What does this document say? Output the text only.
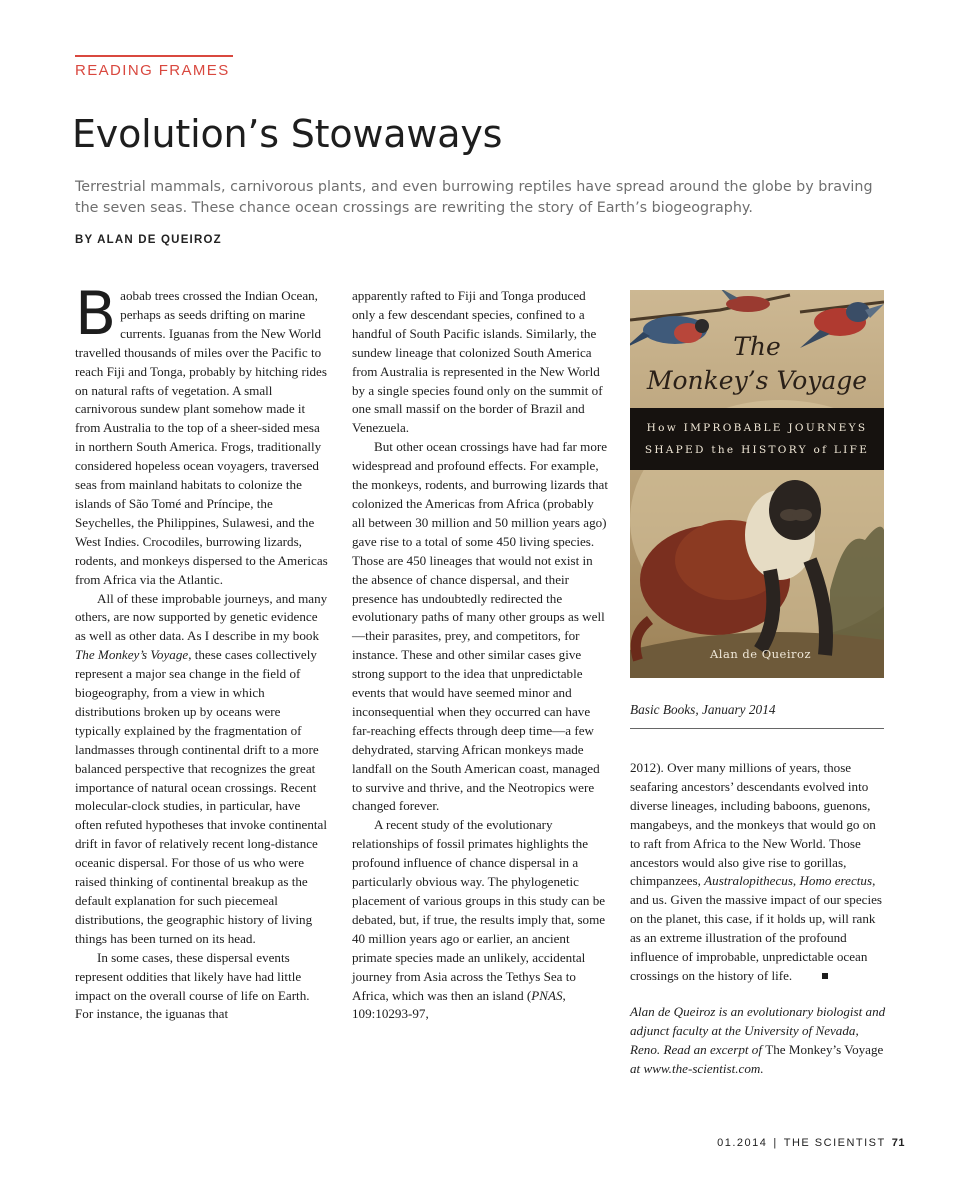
READING FRAMES
Evolution’s Stowaways

Terrestrial mammals, carnivorous plants, and even burrowing reptiles have spread around the globe by braving the seven seas. These chance ocean crossings are rewriting the story of Earth’s biogeography.

BY ALAN DE QUEIROZ

Baobab trees crossed the Indian Ocean, perhaps as seeds drifting on marine currents. Iguanas from the New World travelled thousands of miles over the Pacific to reach Fiji and Tonga, probably by hitching rides on natural rafts of vegetation. A small carnivorous sundew plant somehow made it from Australia to the top of a sheer-sided mesa in northern South America. Frogs, traditionally considered hopeless ocean voyagers, traversed seas from mainland habitats to colonize the islands of São Tomé and Príncipe, the Seychelles, the Philippines, Sulawesi, and the West Indies. Crocodiles, burrowing lizards, rodents, and monkeys dispersed to the Americas from Africa via the Atlantic.

All of these improbable journeys, and many others, are now supported by genetic evidence as well as other data. As I describe in my book The Monkey’s Voyage, these cases collectively represent a major sea change in the field of biogeography, from a view in which distributions broken up by oceans were typically explained by the fragmentation of landmasses through continental drift to a more balanced perspective that recognizes the great importance of natural ocean crossings. Recent molecular-clock studies, in particular, have often refuted hypotheses that invoke continental drift in favor of relatively recent long-distance oceanic dispersal. For those of us who were raised thinking of continental breakup as the default explanation for such piecemeal distributions, the geographic history of living things has been turned on its head.

In some cases, these dispersal events represent oddities that likely have had little impact on the overall course of life on Earth. For instance, the iguanas that

apparently rafted to Fiji and Tonga produced only a few descendant species, confined to a handful of South Pacific islands. Similarly, the sundew lineage that colonized South America from Australia is represented in the New World by a single species found only on the summit of one small massif on the border of Brazil and Venezuela.

But other ocean crossings have had far more widespread and profound effects. For example, the monkeys, rodents, and burrowing lizards that colonized the Americas from Africa (probably all between 30 million and 50 million years ago) gave rise to a total of some 450 living species. Those are 450 lineages that would not exist in the absence of chance dispersal, and their presence has undoubtedly redirected the evolutionary paths of many other groups as well—their parasites, prey, and competitors, for instance. These and other similar cases give strong support to the idea that unpredictable events that would have seemed minor and inconsequential when they occurred can have far-reaching effects through deep time—a few dehydrated, starving African monkeys made landfall on the South American coast, managed to survive and thrive, and the Neotropics were changed forever.

A recent study of the evolutionary relationships of fossil primates highlights the profound influence of chance dispersal in a particularly obvious way. The phylogenetic placement of various groups in this study can be debated, but, if true, the results imply that, some 40 million years ago or earlier, an ancient primate species made an unlikely, accidental journey from Asia across the Tethys Sea to Africa, which was then an island (PNAS, 109:10293-97,

The
Monkey’s Voyage
How IMPROBABLE JOURNEYS
SHAPED the HISTORY of LIFE
Alan de Queiroz
Basic Books, January 2014

2012). Over many millions of years, those seafaring ancestors’ descendants evolved into diverse lineages, including baboons, guenons, mangabeys, and the monkeys that would go on to raft from Africa to the New World. Those ancestors would also give rise to gorillas, chimpanzees, Australopithecus, Homo erectus, and us. Given the massive impact of our species on the planet, this case, if it holds up, will rank as an extreme illustration of the profound influence of improbable, unpredictable ocean crossings on the history of life.

Alan de Queiroz is an evolutionary biologist and adjunct faculty at the University of Nevada, Reno. Read an excerpt of The Monkey’s Voyage at www.the-scientist.com.

01.2014 | THE SCIENTIST 71
